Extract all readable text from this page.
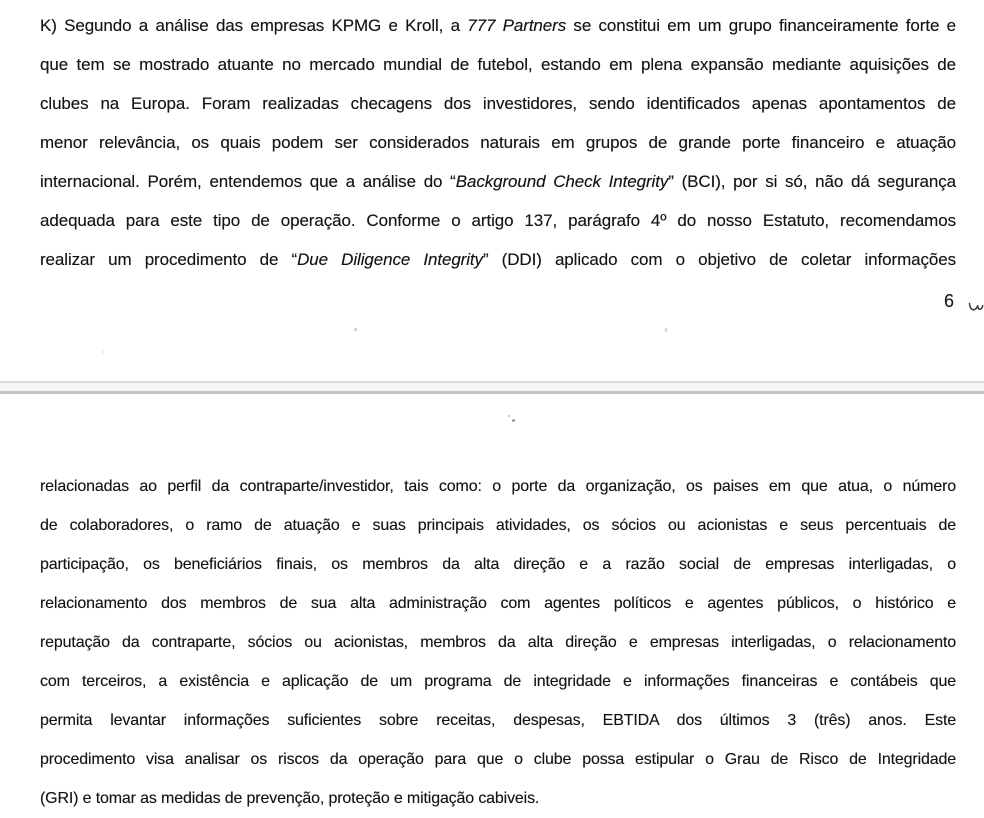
K) Segundo a análise das empresas KPMG e Kroll, a 777 Partners se constitui em um grupo financeiramente forte e
que tem se mostrado atuante no mercado mundial de futebol, estando em plena expansão mediante aquisições de
clubes na Europa. Foram realizadas checagens dos investidores, sendo identificados apenas apontamentos de
menor relevância, os quais podem ser considerados naturais em grupos de grande porte financeiro e atuação
internacional. Porém, entendemos que a análise do “Background Check Integrity” (BCI), por si só, não dá segurança
adequada para este tipo de operação. Conforme o artigo 137, parágrafo 4º do nosso Estatuto, recomendamos
realizar um procedimento de “Due Diligence Integrity” (DDI) aplicado com o objetivo de coletar informações
6
relacionadas ao perfil da contraparte/investidor, tais como: o porte da organização, os paises em que atua, o número
de colaboradores, o ramo de atuação e suas principais atividades, os sócios ou acionistas e seus percentuais de
participação, os beneficiários finais, os membros da alta direção e a razão social de empresas interligadas, o
relacionamento dos membros de sua alta administração com agentes políticos e agentes públicos, o histórico e
reputação da contraparte, sócios ou acionistas, membros da alta direção e empresas interligadas, o relacionamento
com terceiros, a existência e aplicação de um programa de integridade e informações financeiras e contábeis que
permita levantar informações suficientes sobre receitas, despesas, EBTIDA dos últimos 3 (três) anos. Este
procedimento visa analisar os riscos da operação para que o clube possa estipular o Grau de Risco de Integridade
(GRI) e tomar as medidas de prevenção, proteção e mitigação cabiveis.
